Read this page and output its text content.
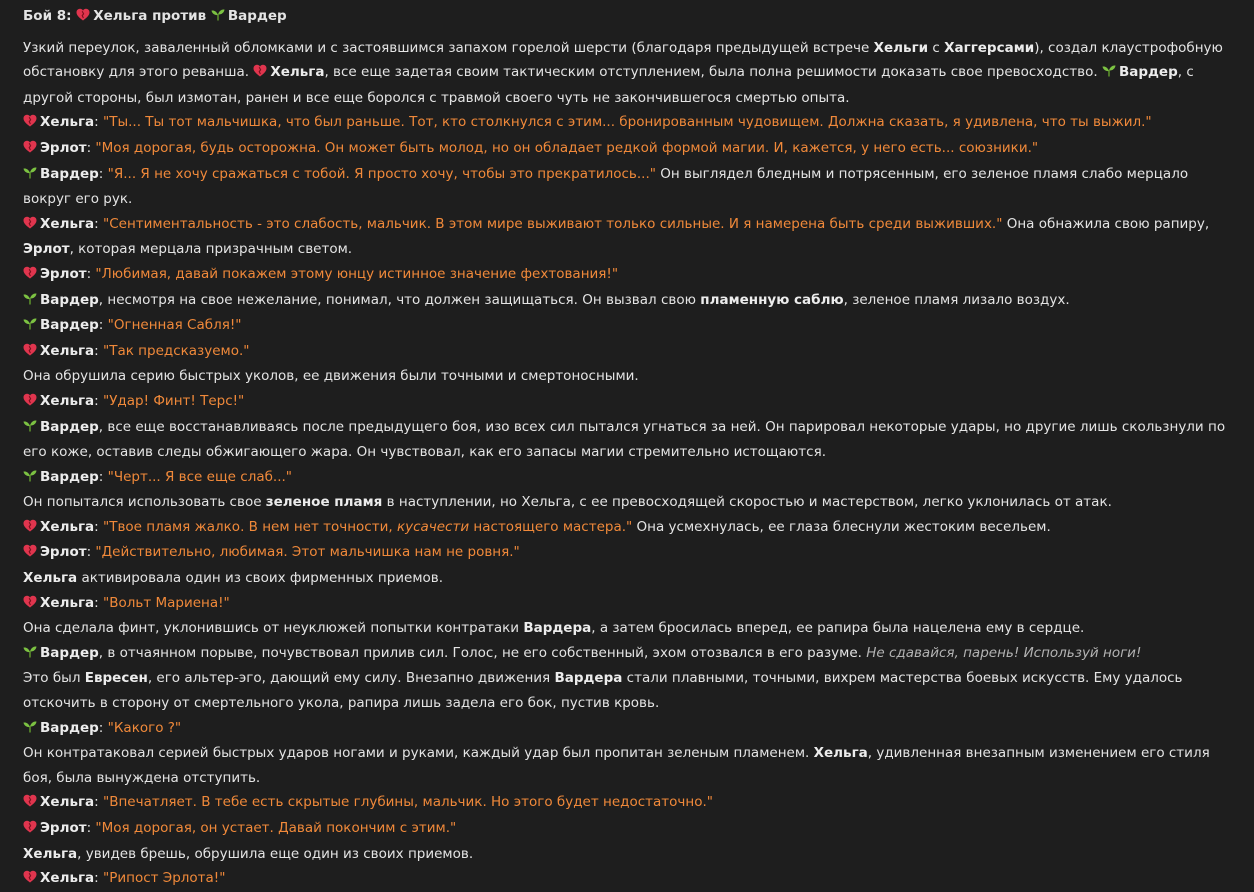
Бой 8: Хельга против Вардер
Узкий переулок, заваленный обломками и с застоявшимся запахом горелой шерсти (благодаря предыдущей встрече Хельги с Хаггерсами), создал клаустрофобную обстановку для этого реванша. Хельга, все еще задетая своим тактическим отступлением, была полна решимости доказать свое превосходство. Вардер, с другой стороны, был измотан, ранен и все еще боролся с травмой своего чуть не закончившегося смертью опыта.
Хельга: "Ты... Ты тот мальчишка, что был раньше. Тот, кто столкнулся с этим... бронированным чудовищем. Должна сказать, я удивлена, что ты выжил."
Эрлот: "Моя дорогая, будь осторожна. Он может быть молод, но он обладает редкой формой магии. И, кажется, у него есть... союзники."
Вардер: "Я... Я не хочу сражаться с тобой. Я просто хочу, чтобы это прекратилось..." Он выглядел бледным и потрясенным, его зеленое пламя слабо мерцало вокруг его рук.
Хельга: "Сентиментальность - это слабость, мальчик. В этом мире выживают только сильные. И я намерена быть среди выживших." Она обнажила свою рапиру, Эрлот, которая мерцала призрачным светом.
Эрлот: "Любимая, давай покажем этому юнцу истинное значение фехтования!"
Вардер, несмотря на свое нежелание, понимал, что должен защищаться. Он вызвал свою пламенную саблю, зеленое пламя лизало воздух.
Вардер: "Огненная Сабля!"
Хельга: "Так предсказуемо."
Она обрушила серию быстрых уколов, ее движения были точными и смертоносными.
Хельга: "Удар! Финт! Терс!"
Вардер, все еще восстанавливаясь после предыдущего боя, изо всех сил пытался угнаться за ней. Он парировал некоторые удары, но другие лишь скользнули по его коже, оставив следы обжигающего жара. Он чувствовал, как его запасы магии стремительно истощаются.
Вардер: "Черт... Я все еще слаб..."
Он попытался использовать свое зеленое пламя в наступлении, но Хельга, с ее превосходящей скоростью и мастерством, легко уклонилась от атак.
Хельга: "Твое пламя жалко. В нем нет точности, кусачести настоящего мастера." Она усмехнулась, ее глаза блеснули жестоким весельем.
Эрлот: "Действительно, любимая. Этот мальчишка нам не ровня."
Хельга активировала один из своих фирменных приемов.
Хельга: "Вольт Мариена!"
Она сделала финт, уклонившись от неуклюжей попытки контратаки Вардера, а затем бросилась вперед, ее рапира была нацелена ему в сердце.
Вардер, в отчаянном порыве, почувствовал прилив сил. Голос, не его собственный, эхом отозвался в его разуме. Не сдавайся, парень! Используй ноги!
Это был Евресен, его альтер-эго, дающий ему силу. Внезапно движения Вардера стали плавными, точными, вихрем мастерства боевых искусств. Ему удалось отскочить в сторону от смертельного укола, рапира лишь задела его бок, пустив кровь.
Вардер: "Какого ?"
Он контратаковал серией быстрых ударов ногами и руками, каждый удар был пропитан зеленым пламенем. Хельга, удивленная внезапным изменением его стиля боя, была вынуждена отступить.
Хельга: "Впечатляет. В тебе есть скрытые глубины, мальчик. Но этого будет недостаточно."
Эрлот: "Моя дорогая, он устает. Давай покончим с этим."
Хельга, увидев брешь, обрушила еще один из своих приемов.
Хельга: "Рипост Эрлота!"
